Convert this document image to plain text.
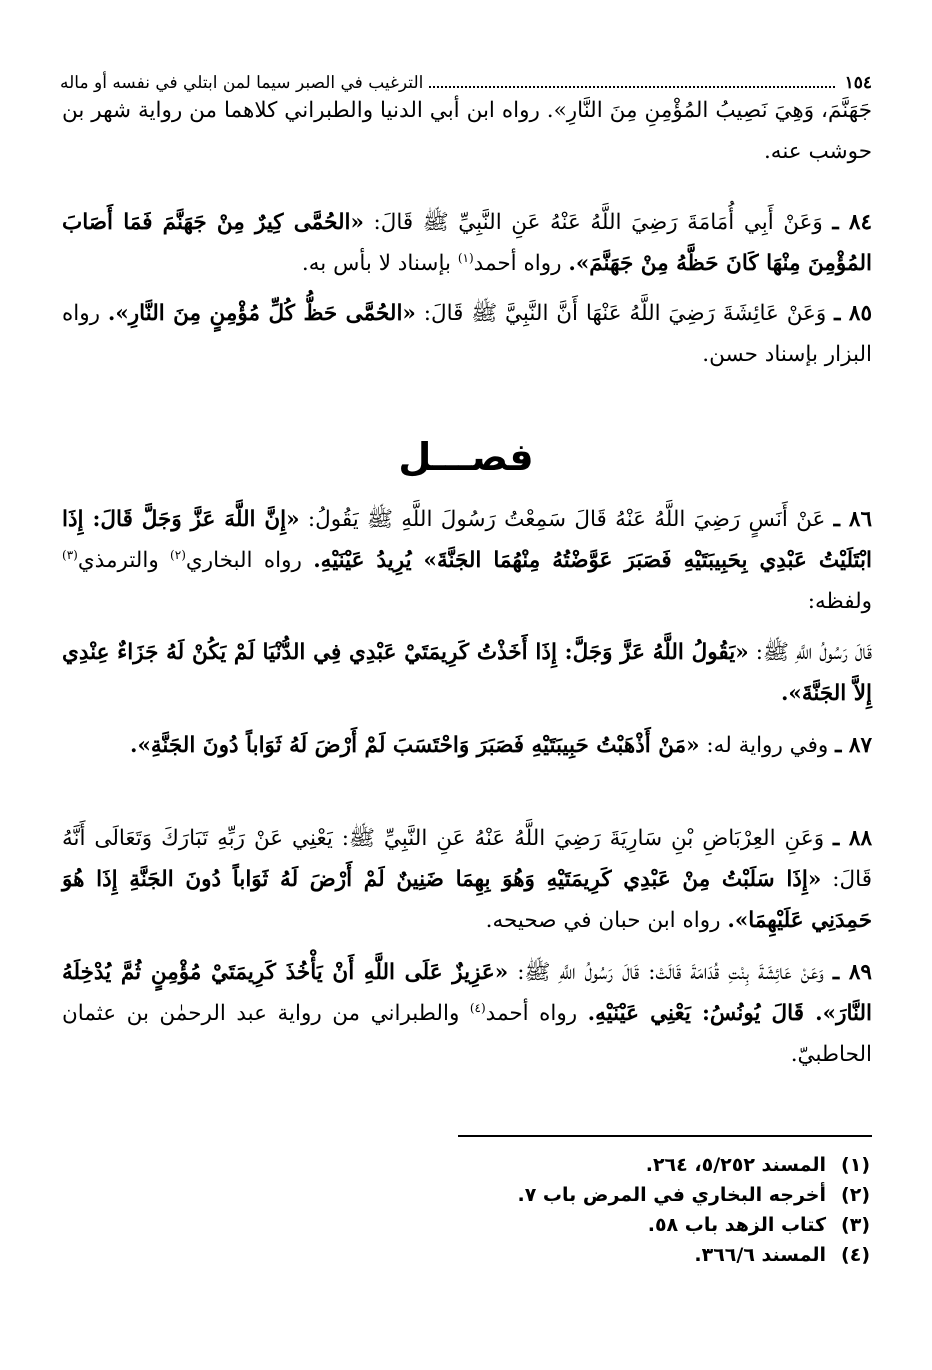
١٥٤
الترغيب في الصبر سيما لمن ابتلي في نفسه أو ماله

جَهَنَّمَ، وَهِيَ نَصِيبُ المُؤْمِنِ مِنَ النَّارِ». رواه ابن أبي الدنيا والطبراني كلاهما من رواية شهر بن حوشب عنه.

٨٤ ـ وَعَنْ أَبِي أُمَامَةَ رَضِيَ اللَّهُ عَنْهُ عَنِ النَّبِيِّ ﷺ قَالَ: «الحُمَّى كِيرٌ مِنْ جَهَنَّمَ فَمَا أَصَابَ المُؤْمِنَ مِنْهَا كَانَ حَظَّهُ مِنْ جَهَنَّمَ». رواه أحمد$^{(١)}$ بإسناد لا بأس به.

٨٥ ـ وَعَنْ عَائِشَةَ رَضِيَ اللَّهُ عَنْهَا أَنَّ النَّبِيَّ ﷺ قَالَ: «الحُمَّى حَظُّ كُلِّ مُؤْمِنٍ مِنَ النَّارِ». رواه البزار بإسناد حسن.

فصـــل

٨٦ ـ عَنْ أَنَسٍ رَضِيَ اللَّهُ عَنْهُ قَالَ سَمِعْتُ رَسُولَ اللَّهِ ﷺ يَقُولُ: «إِنَّ اللَّهَ عَزَّ وَجَلَّ قَالَ: إِذَا ابْتَلَيْتُ عَبْدِي بِحَبِيبَتَيْهِ فَصَبَرَ عَوَّضْتُهُ مِنْهُمَا الجَنَّةَ» يُرِيدُ عَيْنَيْهِ. رواه البخاري$^{(٢)}$ والترمذي$^{(٣)}$ ولفظه:

قَالَ رَسُولُ اللَّهِ ﷺ: «يَقُولُ اللَّهُ عَزَّ وَجَلَّ: إِذَا أَخَذْتُ كَرِيمَتَيْ عَبْدِي فِي الدُّنْيَا لَمْ يَكُنْ لَهُ جَزَاءٌ عِنْدِي إِلاَّ الجَنَّةَ».

٨٧ ـ وفي رواية له: «مَنْ أَذْهَبْتُ حَبِيبَتَيْهِ فَصَبَرَ وَاحْتَسَبَ لَمْ أَرْضَ لَهُ ثَوَاباً دُونَ الجَنَّةِ».

٨٨ ـ وَعَنِ العِرْبَاضِ بْنِ سَارِيَةَ رَضِيَ اللَّهُ عَنْهُ عَنِ النَّبِيِّ ﷺ: يَعْنِي عَنْ رَبِّهِ تَبَارَكَ وَتَعَالَى أَنَّهُ قَالَ: «إِذَا سَلَبْتُ مِنْ عَبْدِي كَرِيمَتَيْهِ وَهُوَ بِهِمَا ضَنِينٌ لَمْ أَرْضَ لَهُ ثَوَاباً دُونَ الجَنَّةِ إِذَا هُوَ حَمِدَنِي عَلَيْهِمَا». رواه ابن حبان في صحيحه.

٨٩ ـ وَعَنْ عَائِشَةَ بِنْتِ قُدَامَةَ قَالَتْ: قَالَ رَسُولُ اللَّهِ ﷺ: «عَزِيزٌ عَلَى اللَّهِ أَنْ يَأْخُذَ كَرِيمَتَيْ مُؤْمِنٍ ثُمَّ يُدْخِلَهُ النَّارَ». قَالَ يُونُسُ: يَعْنِي عَيْنَيْهِ. رواه أحمد$^{(٤)}$ والطبراني من رواية عبد الرحمٰن بن عثمان الحاطبيّ.

(١)
المسند ٥/٢٥٢، ٢٦٤.
(٢)
أخرجه البخاري في المرض باب ٧.
(٣)
كتاب الزهد باب ٥٨.
(٤)
المسند ٣٦٦/٦.
